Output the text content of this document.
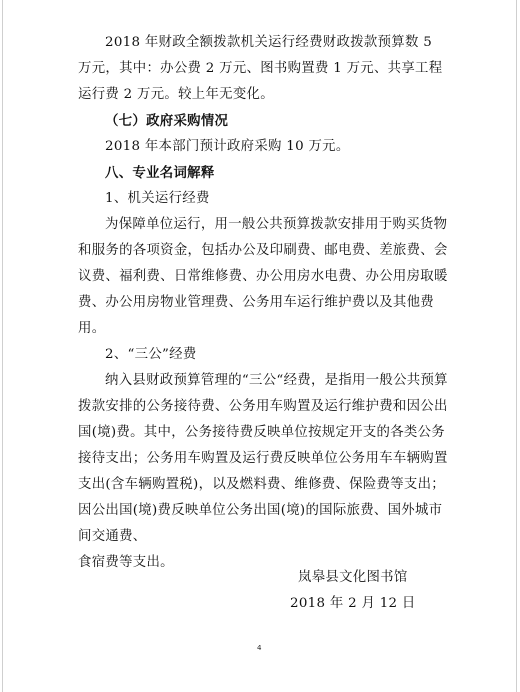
2018 年财政全额拨款机关运行经费财政拨款预算数 5 万元，其中：办公费 2 万元、图书购置费 1 万元、共享工程运行费 2 万元。较上年无变化。

（七）政府采购情况

2018 年本部门预计政府采购 10 万元。

八、专业名词解释

1、机关运行经费

为保障单位运行，用一般公共预算拨款安排用于购买货物和服务的各项资金，包括办公及印刷费、邮电费、差旅费、会议费、福利费、日常维修费、办公用房水电费、办公用房取暖费、办公用房物业管理费、公务用车运行维护费以及其他费用。

2、“三公”经费

纳入县财政预算管理的“三公“经费，是指用一般公共预算拨款安排的公务接待费、公务用车购置及运行维护费和因公出国(境)费。其中，公务接待费反映单位按规定开支的各类公务接待支出；公务用车购置及运行费反映单位公务用车车辆购置支出(含车辆购置税)，以及燃料费、维修费、保险费等支出；因公出国(境)费反映单位公务出国(境)的国际旅费、国外城市间交通费、

食宿费等支出。

岚皋县文化图书馆
2018 年 2 月 12 日
4
